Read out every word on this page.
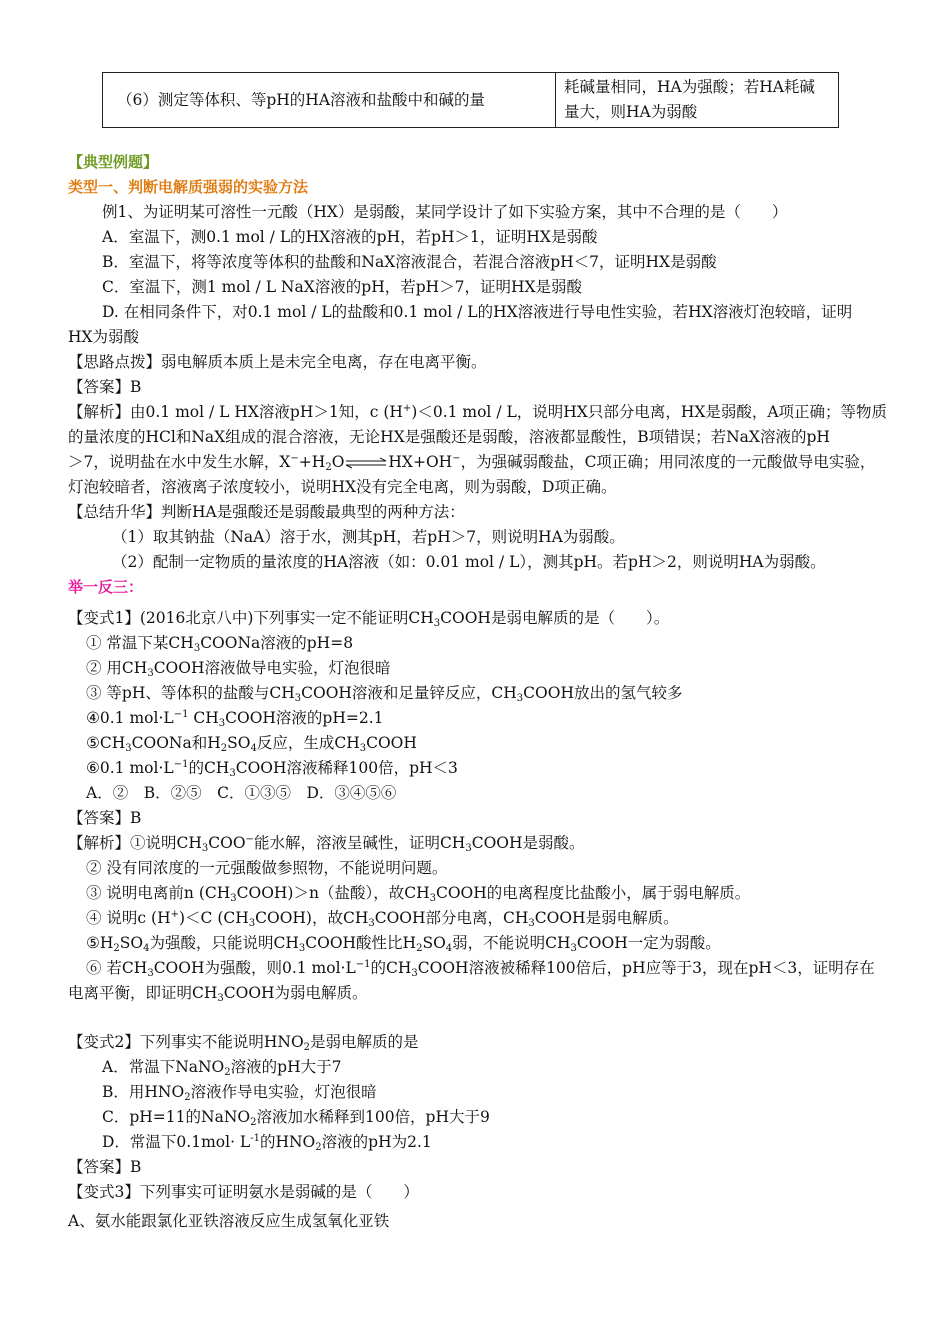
（6）测定等体积、等pH的HA溶液和盐酸中和碱的量	耗碱量相同，HA为强酸；若HA耗碱量大，则HA为弱酸
【典型例题】
类型一、判断电解质强弱的实验方法
例1、为证明某可溶性一元酸（HX）是弱酸，某同学设计了如下实验方案，其中不合理的是（　　）
A．室温下，测0.1 mol / L的HX溶液的pH，若pH＞1，证明HX是弱酸
B．室温下，将等浓度等体积的盐酸和NaX溶液混合，若混合溶液pH＜7，证明HX是弱酸
C．室温下，测1 mol / L NaX溶液的pH，若pH＞7，证明HX是弱酸
D. 在相同条件下，对0.1 mol / L的盐酸和0.1 mol / L的HX溶液进行导电性实验，若HX溶液灯泡较暗，证明
HX为弱酸
【思路点拨】弱电解质本质上是未完全电离，存在电离平衡。
【答案】B
【解析】由0.1 mol / L HX溶液pH＞1知，c (H+)＜0.1 mol / L，说明HX只部分电离，HX是弱酸，A项正确；等物质
的量浓度的HCl和NaX组成的混合溶液，无论HX是强酸还是弱酸，溶液都显酸性，B项错误；若NaX溶液的pH
＞7，说明盐在水中发生水解，$X^-+H_2O\rightleftharpoons HX+OH^-$，为强碱弱酸盐，C项正确；用同浓度的一元酸做导电实验，
灯泡较暗者，溶液离子浓度较小，说明HX没有完全电离，则为弱酸，D项正确。
【总结升华】判断HA是强酸还是弱酸最典型的两种方法：
（1）取其钠盐（NaA）溶于水，测其pH，若pH＞7，则说明HA为弱酸。
（2）配制一定物质的量浓度的HA溶液（如：0.01 mol / L），测其pH。若pH＞2，则说明HA为弱酸。
举一反三：
【变式1】(2016北京八中)下列事实一定不能证明$CH_3COOH$是弱电解质的是（　　）。
① 常温下某$CH_3COONa$溶液的pH=8
② 用$CH_3COOH$溶液做导电实验，灯泡很暗
③ 等pH、等体积的盐酸与$CH_3COOH$溶液和足量锌反应，$CH_3COOH$放出的氢气较多
④0.1 $mol\cdot L^{-1}$ $CH_3COOH$溶液的pH=2.1
$⑤CH_3COONa$和$H_2SO_4$反应，生成$CH_3COOH$
⑥0.1 $mol\cdot L^{-1}$的$CH_3COOH$溶液稀释100倍，pH＜3
A．②　B．②⑤　C．①③⑤　D．③④⑤⑥
【答案】B
【解析】①说明$CH_3COO^-$能水解，溶液呈碱性，证明$CH_3COOH$是弱酸。
② 没有同浓度的一元强酸做参照物，不能说明问题。
③ 说明电离前n $(CH_3COOH)>n$（盐酸），故$CH_3COOH$的电离程度比盐酸小，属于弱电解质。
④ 说明c (H+)＜C $(CH_3COOH)$，故$CH_3COOH$部分电离，$CH_3COOH$是弱电解质。
$⑤H_2SO_4$为强酸，只能说明$CH_3COOH$酸性比$H_2SO_4$弱，不能说明$CH_3COOH$一定为弱酸。
⑥ 若$CH_3COOH$为强酸，则0.1 $mol\cdot L^{-1}$的$CH_3COOH$溶液被稀释100倍后，pH应等于3，现在pH＜3，证明存在
电离平衡，即证明$CH_3COOH$为弱电解质。
【变式2】下列事实不能说明$HNO_2$是弱电解质的是
A．常温下NaNO$_2$溶液的pH大于7
B．用$HNO_2$溶液作导电实验，灯泡很暗
C．pH=11的NaNO$_2$溶液加水稀释到100倍，pH大于9
D．常温下$0.1mol\cdot L^{-1}$的$HNO_2$溶液的pH为2.1
【答案】B
【变式3】下列事实可证明氨水是弱碱的是（　　）
A、氨水能跟氯化亚铁溶液反应生成氢氧化亚铁
